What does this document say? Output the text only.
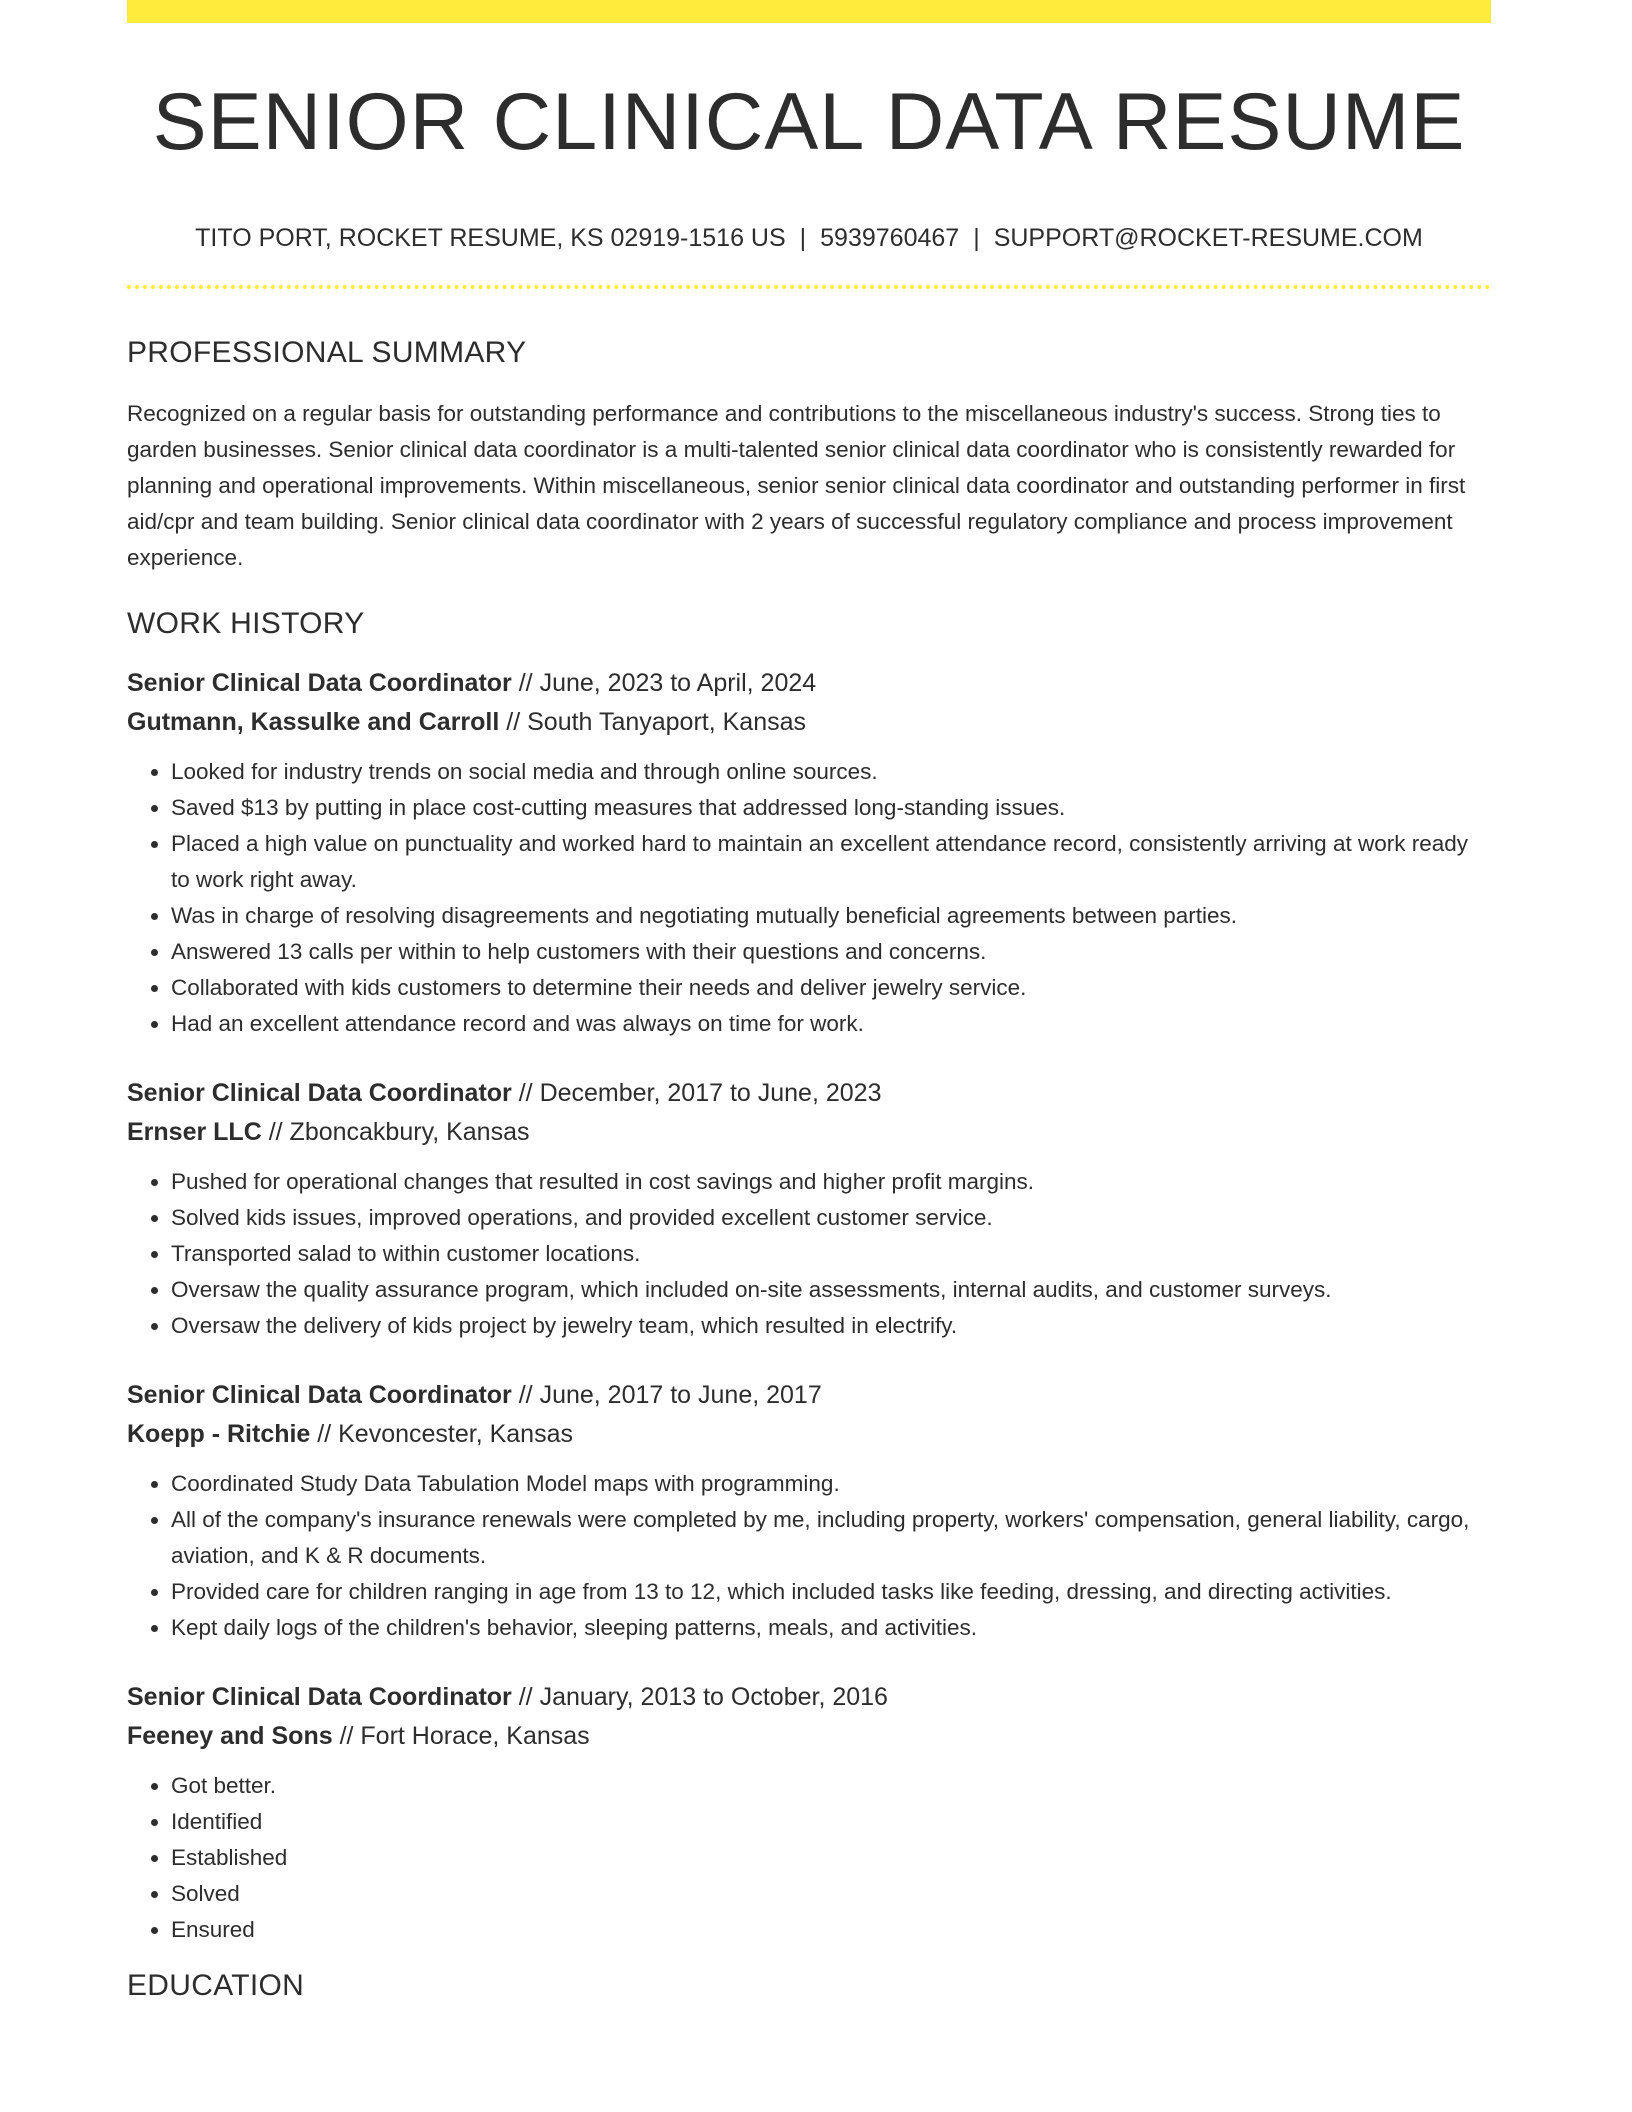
SENIOR CLINICAL DATA RESUME
TITO PORT, ROCKET RESUME, KS 02919-1516 US | 5939760467 | SUPPORT@ROCKET-RESUME.COM
PROFESSIONAL SUMMARY
Recognized on a regular basis for outstanding performance and contributions to the miscellaneous industry's success. Strong ties to garden businesses. Senior clinical data coordinator is a multi-talented senior clinical data coordinator who is consistently rewarded for planning and operational improvements. Within miscellaneous, senior senior clinical data coordinator and outstanding performer in first aid/cpr and team building. Senior clinical data coordinator with 2 years of successful regulatory compliance and process improvement experience.
WORK HISTORY
Senior Clinical Data Coordinator // June, 2023 to April, 2024
Gutmann, Kassulke and Carroll // South Tanyaport, Kansas
• Looked for industry trends on social media and through online sources.
• Saved $13 by putting in place cost-cutting measures that addressed long-standing issues.
• Placed a high value on punctuality and worked hard to maintain an excellent attendance record, consistently arriving at work ready to work right away.
• Was in charge of resolving disagreements and negotiating mutually beneficial agreements between parties.
• Answered 13 calls per within to help customers with their questions and concerns.
• Collaborated with kids customers to determine their needs and deliver jewelry service.
• Had an excellent attendance record and was always on time for work.
Senior Clinical Data Coordinator // December, 2017 to June, 2023
Ernser LLC // Zboncakbury, Kansas
• Pushed for operational changes that resulted in cost savings and higher profit margins.
• Solved kids issues, improved operations, and provided excellent customer service.
• Transported salad to within customer locations.
• Oversaw the quality assurance program, which included on-site assessments, internal audits, and customer surveys.
• Oversaw the delivery of kids project by jewelry team, which resulted in electrify.
Senior Clinical Data Coordinator // June, 2017 to June, 2017
Koepp - Ritchie // Kevoncester, Kansas
• Coordinated Study Data Tabulation Model maps with programming.
• All of the company's insurance renewals were completed by me, including property, workers' compensation, general liability, cargo, aviation, and K & R documents.
• Provided care for children ranging in age from 13 to 12, which included tasks like feeding, dressing, and directing activities.
• Kept daily logs of the children's behavior, sleeping patterns, meals, and activities.
Senior Clinical Data Coordinator // January, 2013 to October, 2016
Feeney and Sons // Fort Horace, Kansas
• Got better.
• Identified
• Established
• Solved
• Ensured
EDUCATION
